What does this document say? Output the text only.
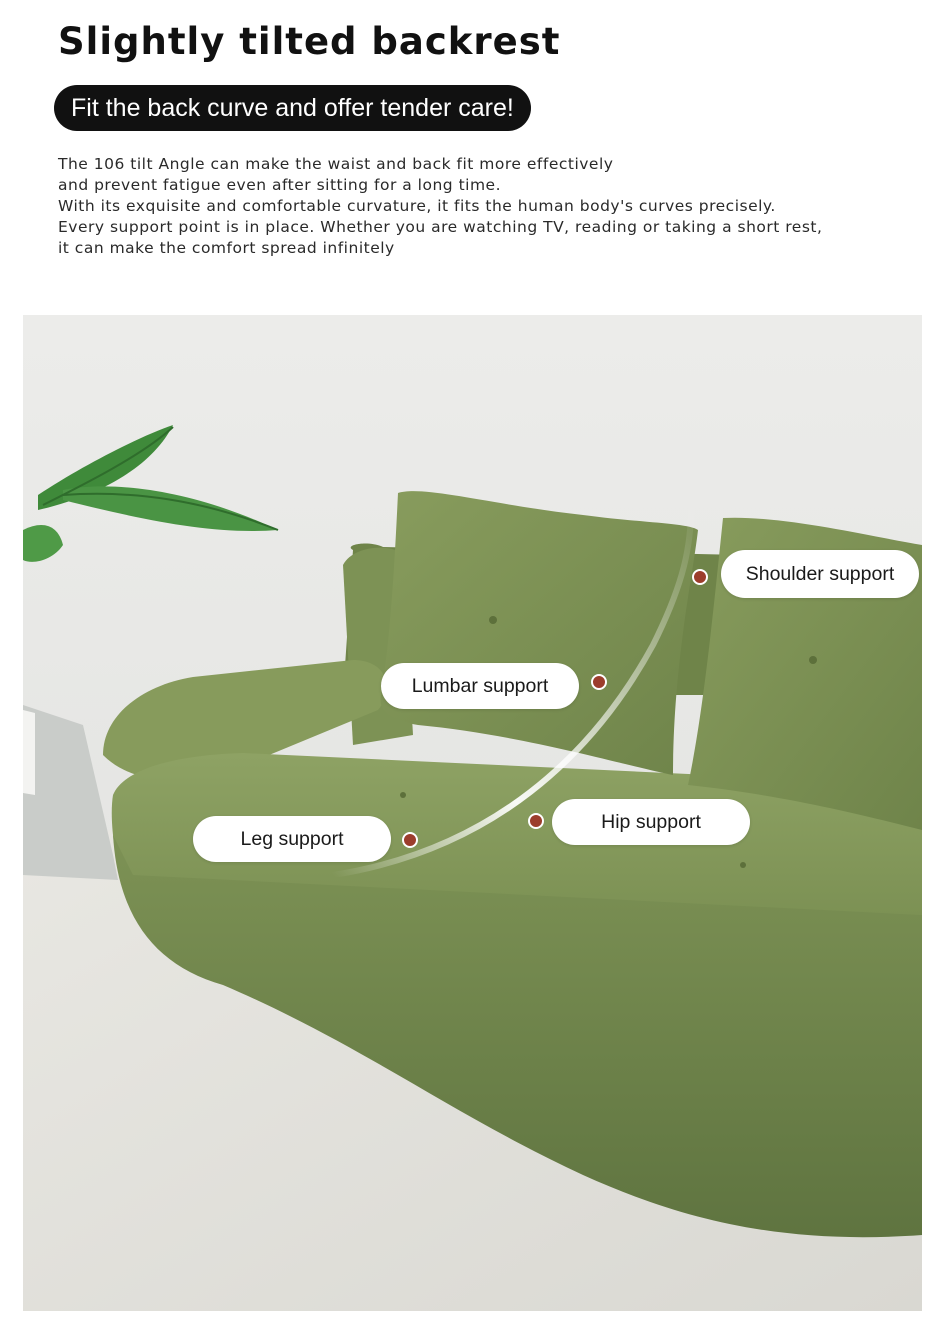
Slightly tilted backrest
Fit the back curve and offer tender care!
The 106 tilt Angle can make the waist and back fit more effectively
and prevent fatigue even after sitting for a long time.
With its exquisite and comfortable curvature, it fits the human body's curves precisely.
Every support point is in place. Whether you are watching TV, reading or taking a short rest,
it can make the comfort spread infinitely
Shoulder support
Lumbar support
Hip support
Leg support
